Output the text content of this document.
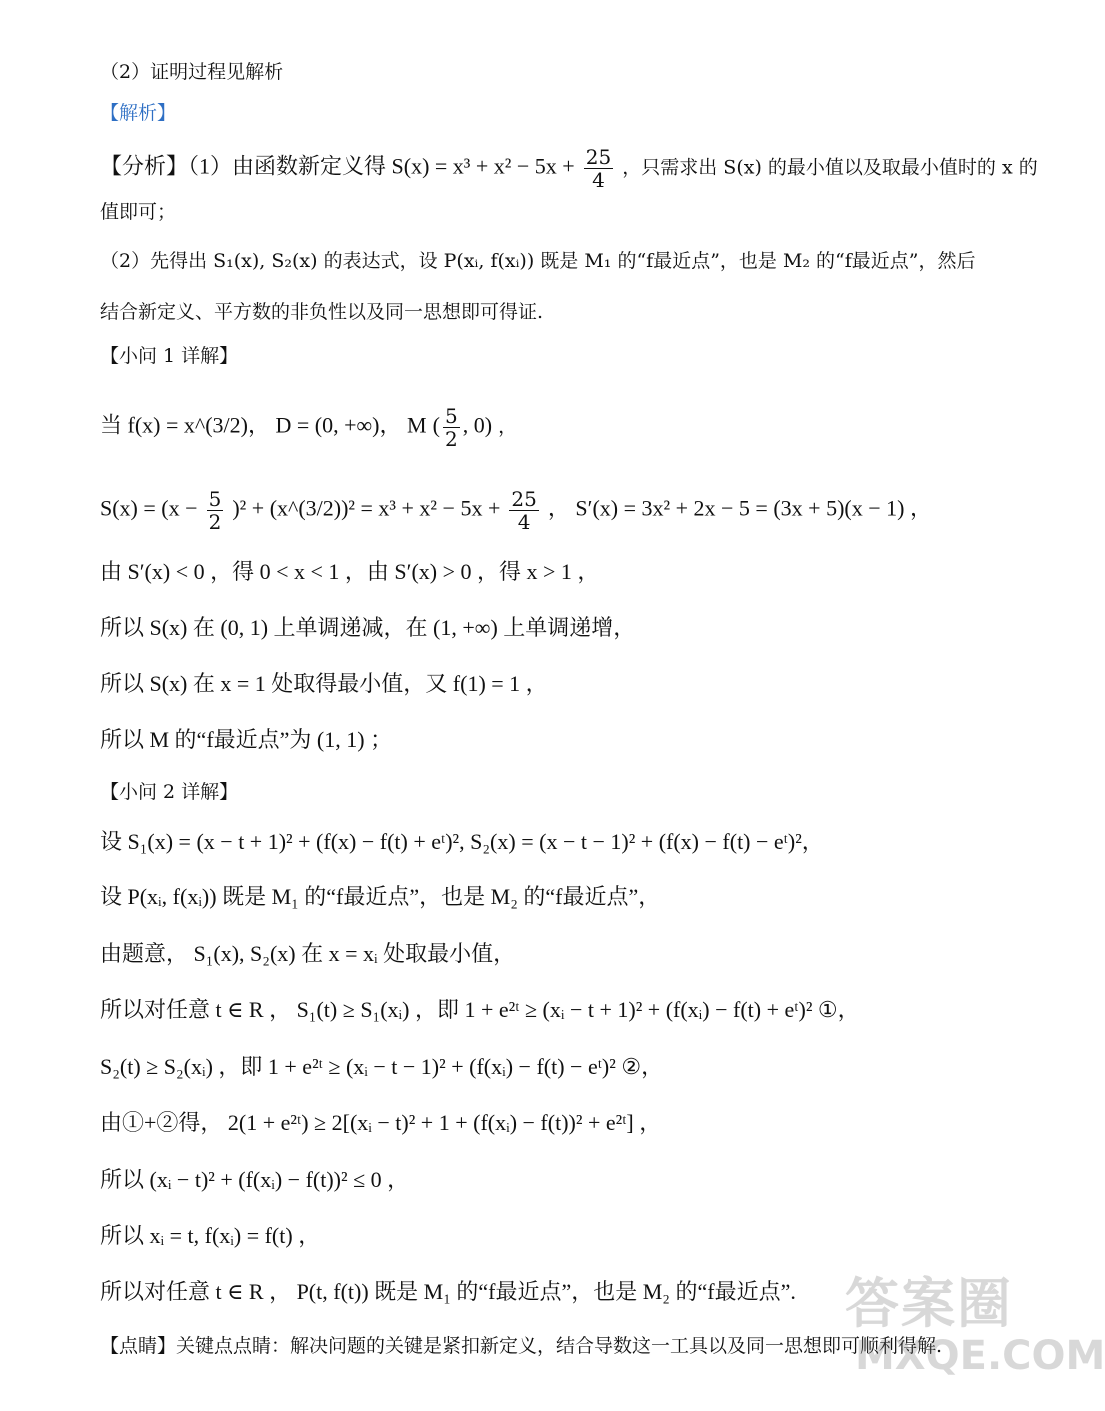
（2）证明过程见解析
【解析】
【分析】（1）由函数新定义得 $S(x) = x^3 + x^2 - 5x + \frac{25}{4}$ ，只需求出 S(x) 的最小值以及取最小值时的 x 的
值即可；
（2）先得出 S₁(x), S₂(x) 的表达式，设 P(xᵢ, f(xᵢ)) 既是 M₁ 的“f最近点”，也是 M₂ 的“f最近点”，然后
结合新定义、平方数的非负性以及同一思想即可得证.
【小问 1 详解】
当 f(x) = x^(3/2)， D = (0, +∞)， M ( $\frac{5}{2}$ , 0) ，
$S(x) = (x - \frac{5}{2} )^2$ + (x^(3/2))² = $x^3 + x^2 - 5x + \frac{25}{4}$ ， S′(x) = 3x² + 2x − 5 = (3x + 5)(x − 1) ，
由 S′(x) < 0 ，得 0 < x < 1 ，由 S′(x) > 0 ，得 x > 1 ，
所以 S(x) 在 (0, 1) 上单调递减，在 (1, +∞) 上单调递增，
所以 S(x) 在 x = 1 处取得最小值，又 f(1) = 1 ，
所以 M 的“f最近点”为 (1, 1) ；
【小问 2 详解】
设 S₁(x) = (x − t + 1)² + (f(x) − f(t) + eᵗ)², S₂(x) = (x − t − 1)² + (f(x) − f(t) − eᵗ)²，
设 P(xᵢ, f(xᵢ)) 既是 M₁ 的“f最近点”，也是 M₂ 的“f最近点”，
由题意， S₁(x), S₂(x) 在 x = xᵢ 处取最小值，
所以对任意 t ∈ R ， S₁(t) ≥ S₁(xᵢ) ，即 1 + e²ᵗ ≥ (xᵢ − t + 1)² + (f(xᵢ) − f(t) + eᵗ)² ①，
S₂(t) ≥ S₂(xᵢ) ，即 1 + e²ᵗ ≥ (xᵢ − t − 1)² + (f(xᵢ) − f(t) − eᵗ)² ②，
由①+②得， 2(1 + e²ᵗ) ≥ 2[(xᵢ − t)² + 1 + (f(xᵢ) − f(t))² + e²ᵗ] ，
所以 (xᵢ − t)² + (f(xᵢ) − f(t))² ≤ 0 ，
所以 xᵢ = t, f(xᵢ) = f(t) ，
所以对任意 t ∈ R ， P(t, f(t)) 既是 M₁ 的“f最近点”，也是 M₂ 的“f最近点”.
【点睛】关键点点睛：解决问题的关键是紧扣新定义，结合导数这一工具以及同一思想即可顺利得解.
答案圈
MXQE.COM
